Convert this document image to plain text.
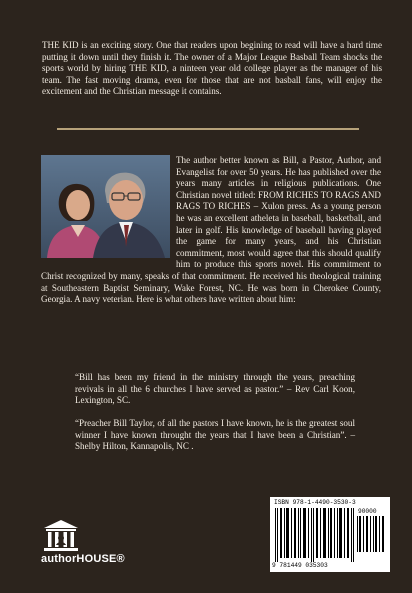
THE KID is an exciting story. One that readers upon begining to read will have a hard time putting it down until they finish it. The owner of a Major League Basball Team shocks the sports world by hiring THE KID, a ninteen year old college player as the manager of his team. The fast moving drama, even for those that are not basball fans, will enjoy the excitement and the Christian message it contains.

The author better known as Bill, a Pastor, Author, and Evangelist for over 50 years. He has published over the years many articles in religious publications. One Christian novel titled: FROM RICHES TO RAGS AND RAGS TO RICHES – Xulon press. As a young person he was an excellent atheleta in baseball, basketball, and later in golf. His knowledge of baseball having played the game for many years, and his Christian commitment, most would agree that this should qualify him to produce this sports novel. His commitment to Christ recognized by many, speaks of that commitment. He received his theological training at Southeastern Baptist Seminary, Wake Forest, NC. He was born in Cherokee County, Georgia. A navy veterian. Here is what others have written about him:

“Bill has been my friend in the ministry through the years, preaching revivals in all the 6 churches I have served as pastor.” – Rev Carl Koon, Lexington, SC.

“Preacher Bill Taylor, of all the pastors I have known, he is the greatest soul winner I have known throught the years that I have been a Christian”. – Shelby Hilton, Kannapolis, NC .

authorHOUSE®
ISBN 978-1-4490-3530-3
90000
9 781449 035303
